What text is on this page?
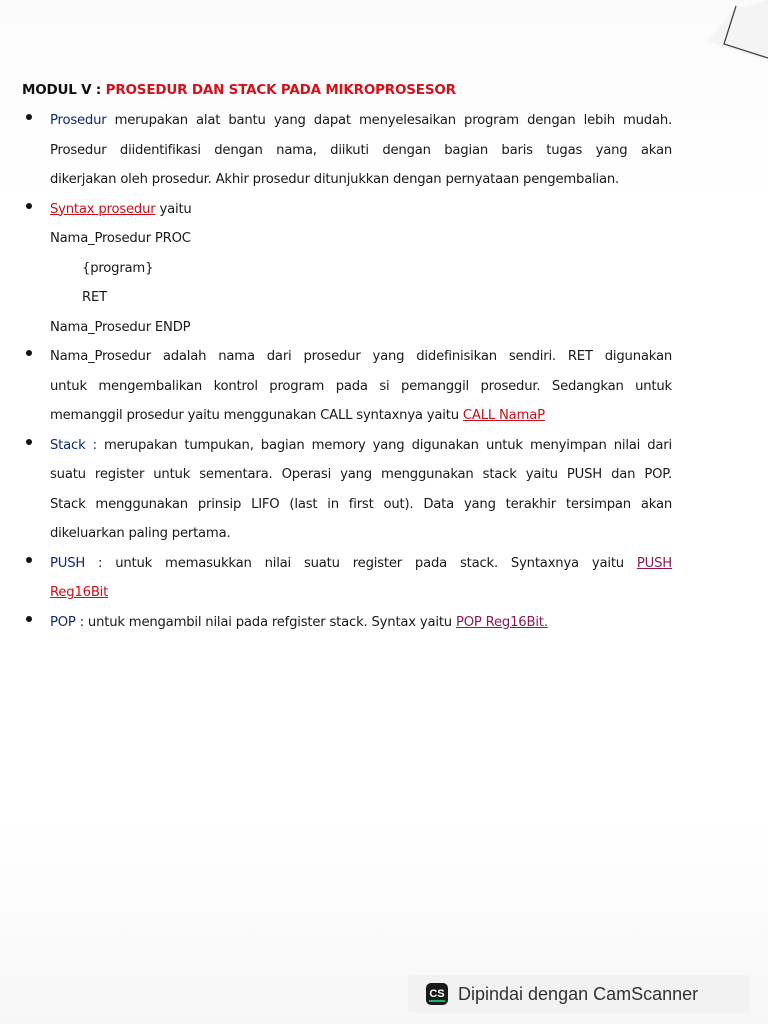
MODUL V : PROSEDUR DAN STACK PADA MIKROPROSESOR
Prosedur merupakan alat bantu yang dapat menyelesaikan program dengan lebih mudah.
Prosedur diidentifikasi dengan nama, diikuti dengan bagian baris tugas yang akan
dikerjakan oleh prosedur. Akhir prosedur ditunjukkan dengan pernyataan pengembalian.
Syntax prosedur yaitu
Nama_Prosedur PROC
{program}
RET
Nama_Prosedur ENDP
Nama_Prosedur adalah nama dari prosedur yang didefinisikan sendiri. RET digunakan
untuk mengembalikan kontrol program pada si pemanggil prosedur. Sedangkan untuk
memanggil prosedur yaitu menggunakan CALL syntaxnya yaitu CALL NamaP
Stack : merupakan tumpukan, bagian memory yang digunakan untuk menyimpan nilai dari
suatu register untuk sementara. Operasi yang menggunakan stack yaitu PUSH dan POP.
Stack menggunakan prinsip LIFO (last in first out). Data yang terakhir tersimpan akan
dikeluarkan paling pertama.
PUSH : untuk memasukkan nilai suatu register pada stack. Syntaxnya yaitu PUSH
Reg16Bit
POP : untuk mengambil nilai pada refgister stack. Syntax yaitu POP Reg16Bit.
CS Dipindai dengan CamScanner
